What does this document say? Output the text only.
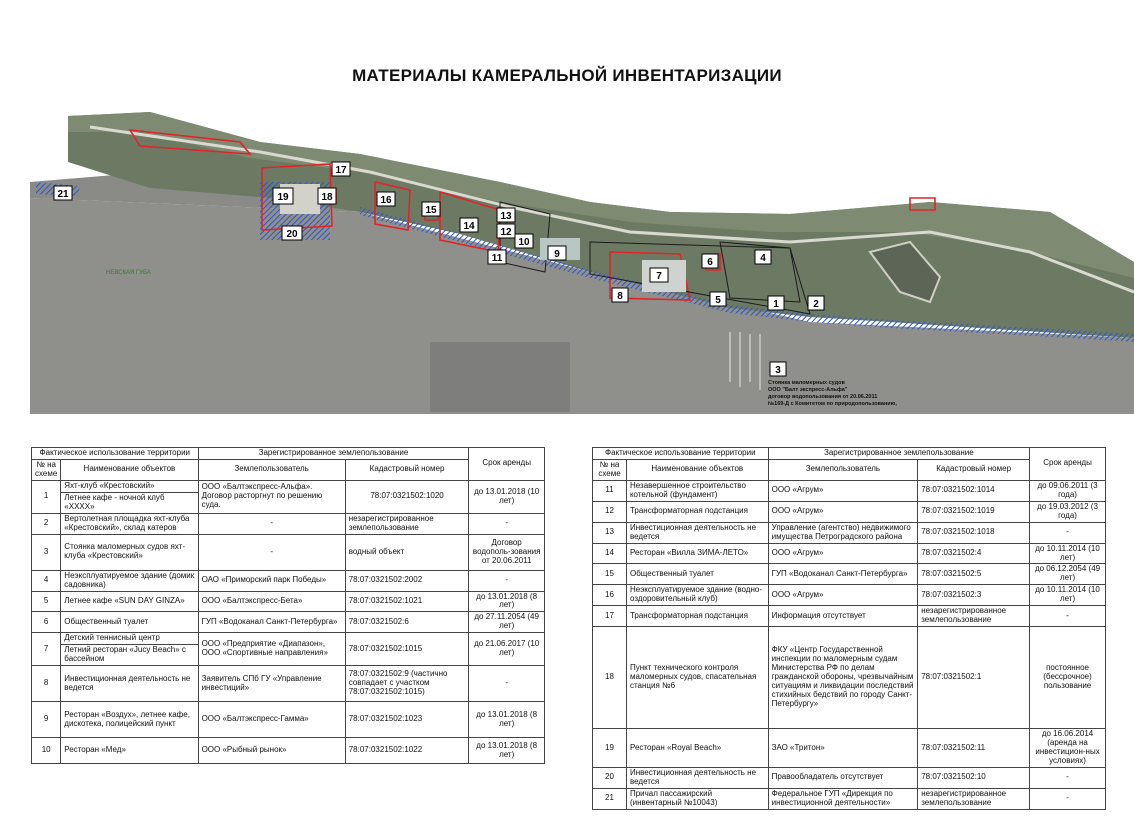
МАТЕРИАЛЫ КАМЕРАЛЬНОЙ ИНВЕНТАРИЗАЦИИ
21	19	18
17
20
16
15
14
13
12
10
11	9
7
6	4
8	5	1	2
3
НЕВСКАЯ ГУБА
Стоянка маломерных судов
ООО "Балт экспресс-Альфа"
договор водопользования от 20.06.2011
№169-Д с Комитетом по природопользованию,
Фактическое использование территории		Зарегистрированное землепользование		Срок аренды
№ на схеме	Наименование объектов	Землепользователь	Кадастровый номер	
1	Яхт-клуб «Крестовский»	ООО «Балтэкспресс-Альфа». Договор расторгнут по решению суда.	78:07:0321502:1020	до 13.01.2018 (10 лет)
	Летнее кафе - ночной клуб «ХХХХ»			
2	Вертолетная площадка яхт-клуба «Крестовский», склад катеров	-	незарегистрированное землепользование	-
3	Стоянка маломерных судов яхт-клуба «Крестовский»	-	водный объект	Договор водополь-зования от 20.06.2011
4	Неэксплуатируемое здание (домик садовника)	ОАО «Приморский парк Победы»	78:07:0321502:2002	-
5	Летнее кафе «SUN DAY GINZA»	ООО «Балтэкспресс-Бета»	78:07:0321502:1021	до 13.01.2018 (8 лет)
6	Общественный туалет	ГУП «Водоканал Санкт-Петербурга»	78:07:0321502:6	до 27.11.2054 (49 лет)
7	Детский теннисный центр	ООО «Предприятие «Диапазон», ООО «Спортивные направления»	78:07:0321502:1015	до 21.06.2017 (10 лет)
	Летний ресторан «Jucy Beach» с бассейном			
8	Инвестиционная деятельность не ведется	Заявитель СПб ГУ «Управление инвестиций»	78:07:0321502:9 (частично совпадает с участком 78:07:0321502:1015)	-
9	Ресторан «Воздух», летнее кафе, дискотека, полицейский пункт	ООО «Балтэкспресс-Гамма»	78:07:0321502:1023	до 13.01.2018 (8 лет)
10	Ресторан «Мед»	ООО «Рыбный рынок»	78:07:0321502:1022	до 13.01.2018 (8 лет)
Фактическое использование территории		Зарегистрированное землепользование		Срок аренды
№ на схеме	Наименование объектов	Землепользователь	Кадастровый номер	
11	Незавершенное строительство котельной (фундамент)	ООО «Агрум»	78:07:0321502:1014	до 09.06.2011 (3 года)
12	Трансформаторная подстанция	ООО «Агрум»	78:07:0321502:1019	до 19.03.2012 (3 года)
13	Инвестиционная деятельность не ведется	Управление (агентство) недвижимого имущества Петроградского района	78:07:0321502:1018	-
14	Ресторан «Вилла ЗИМА-ЛЕТО»	ООО «Агрум»	78:07:0321502:4	до 10.11.2014 (10 лет)
15	Общественный туалет	ГУП «Водоканал Санкт-Петербурга»	78:07:0321502:5	до 06.12.2054 (49 лет)
16	Неэксплуатируемое здание (водно-оздоровительный клуб)	ООО «Агрум»	78:07:0321502:3	до 10.11.2014 (10 лет)
17	Трансформаторная подстанция	Информация отсутствует	незарегистрированное землепользование	-
18	Пункт технического контроля маломерных судов, спасательная станция №6	ФКУ «Центр Государственной инспекции по маломерным судам Министерства РФ по делам гражданской обороны, чрезвычайным ситуациям и ликвидации последствий стихийных бедствий по городу Санкт-Петербургу»	78:07:0321502:1	постоянное (бессрочное) пользование
19	Ресторан «Royal Beach»	ЗАО «Тритон»	78:07:0321502:11	до 16.06.2014 (аренда на инвестицион-ных условиях)
20	Инвестиционная деятельность не ведется	Правообладатель отсутствует	78:07:0321502:10	-
21	Причал пассажирский (инвентарный №10043)	Федеральное ГУП «Дирекция по инвестиционной деятельности»	незарегистрированное землепользование	-
